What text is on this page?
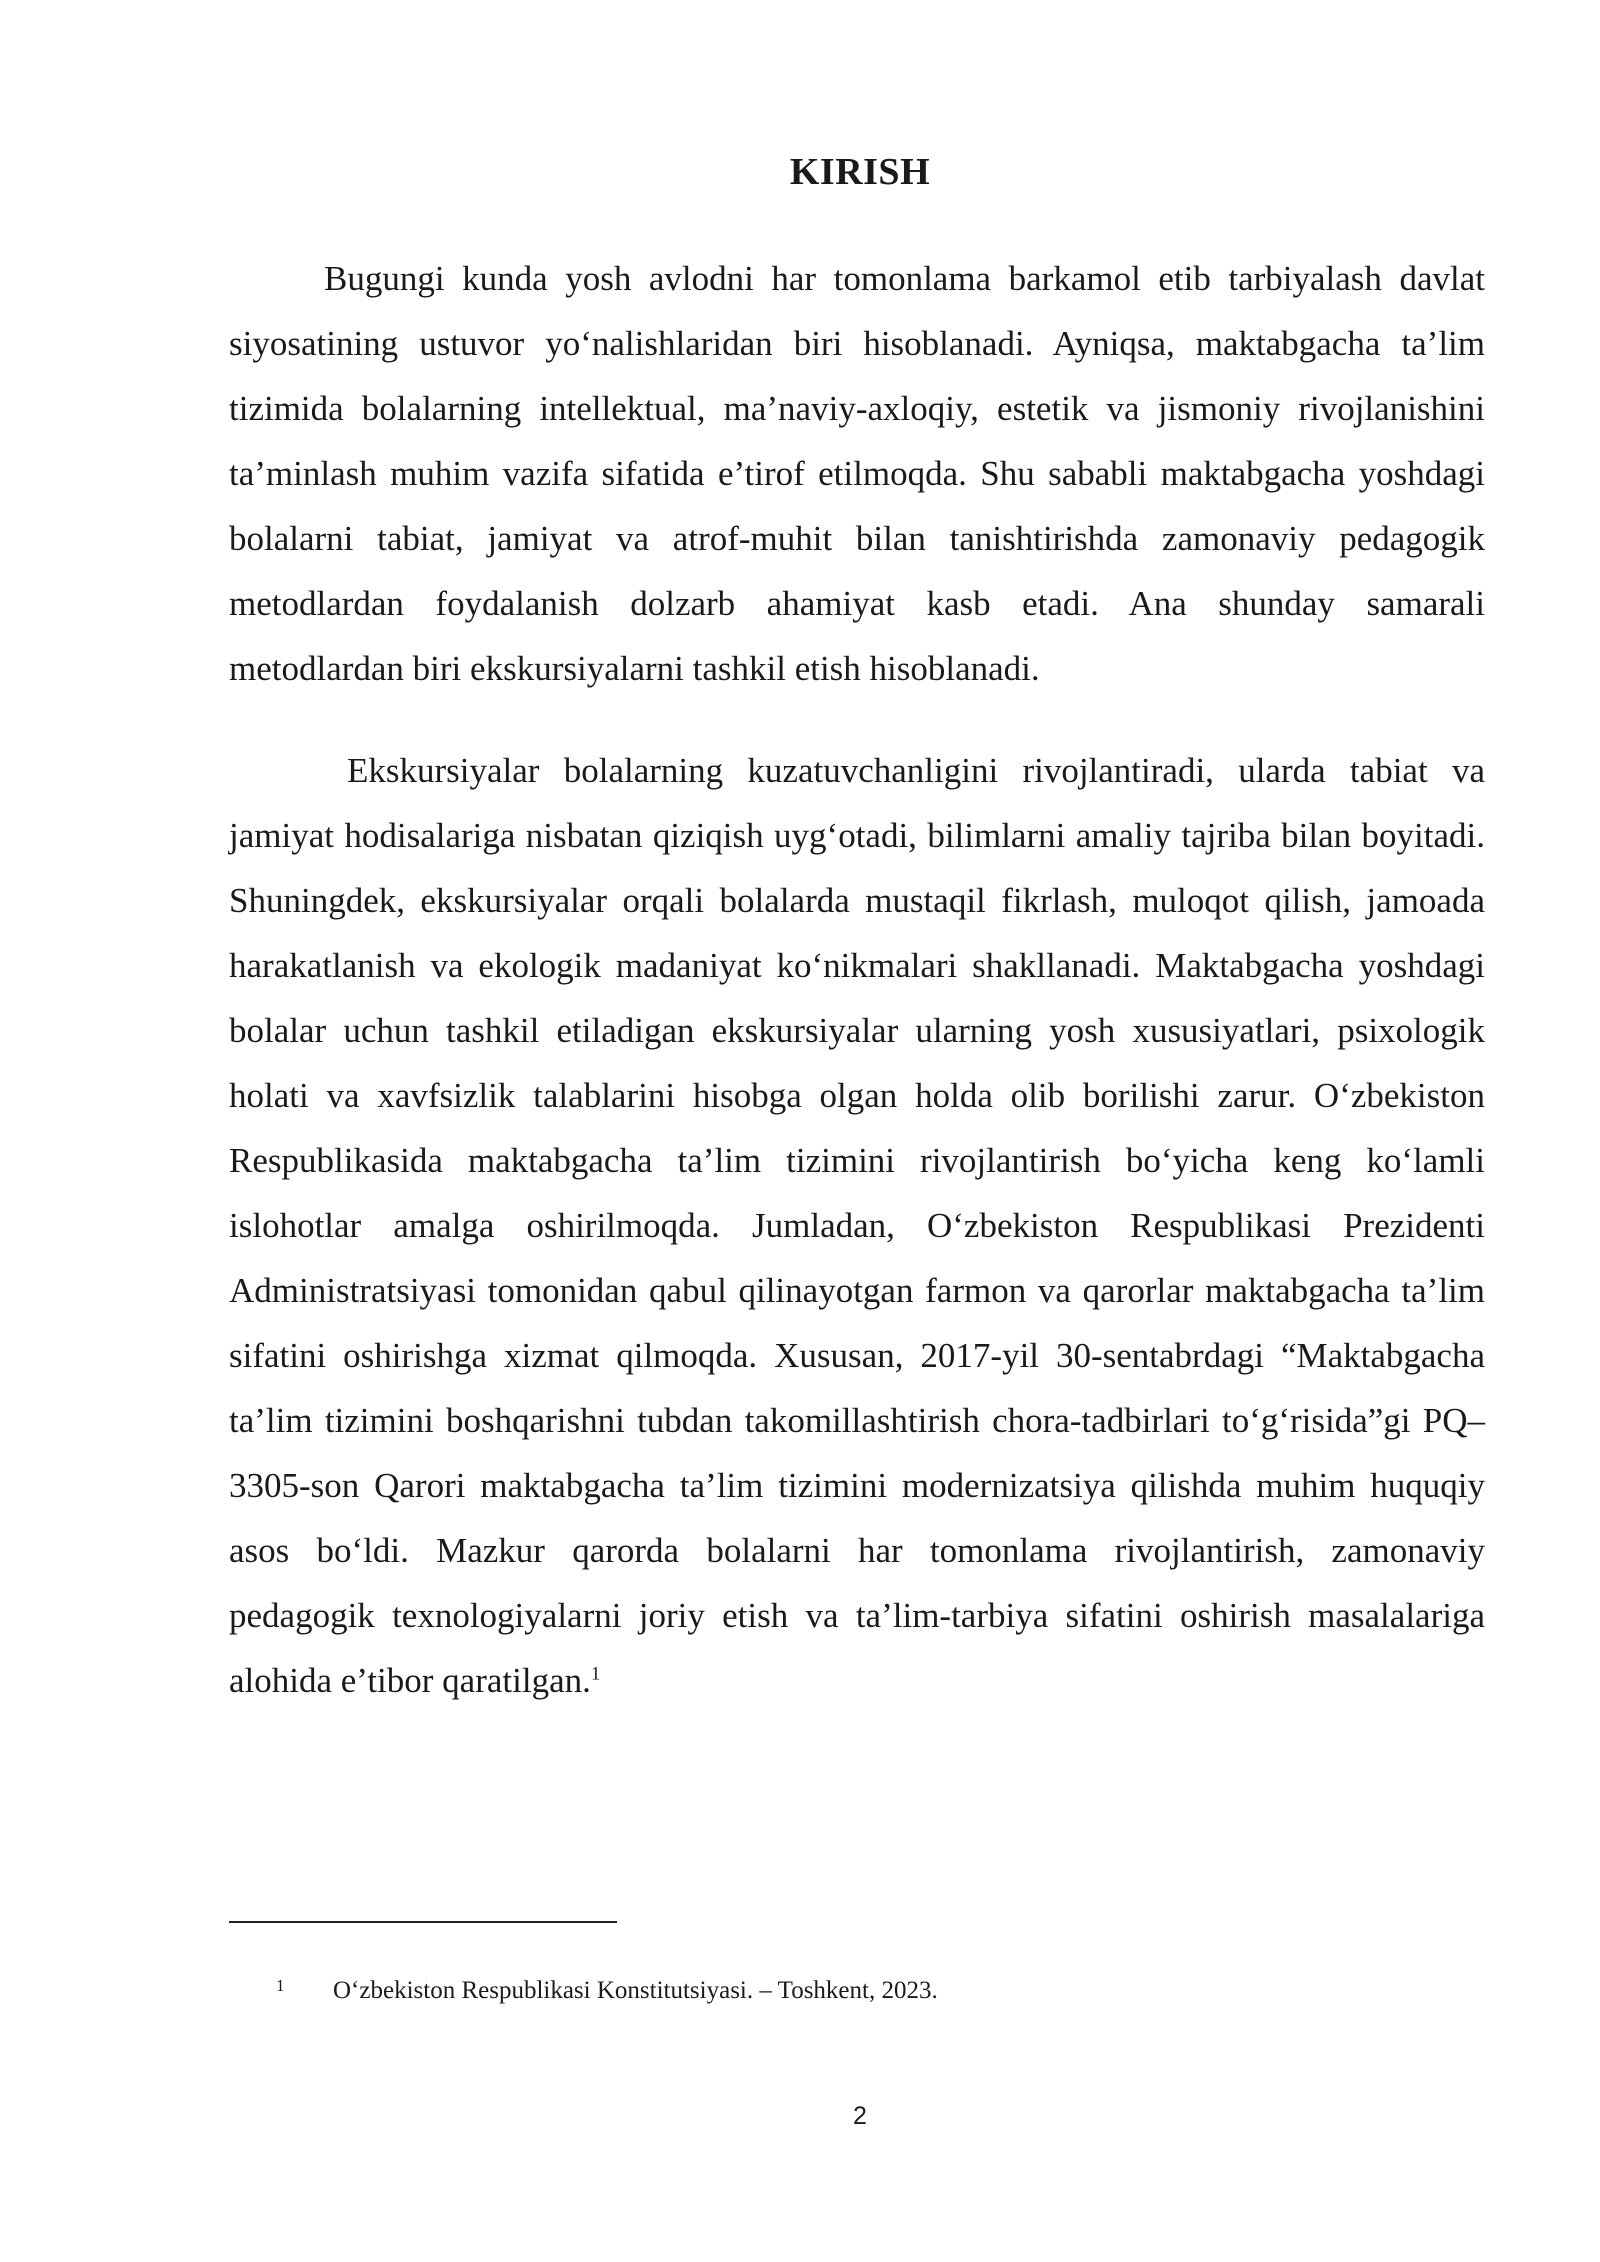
KIRISH

Bugungi kunda yosh avlodni har tomonlama barkamol etib tarbiyalash davlat siyosatining ustuvor yo‘nalishlaridan biri hisoblanadi. Ayniqsa, maktabgacha ta’lim tizimida bolalarning intellektual, ma’naviy-axloqiy, estetik va jismoniy rivojlanishini ta’minlash muhim vazifa sifatida e’tirof etilmoqda. Shu sababli maktabgacha yoshdagi bolalarni tabiat, jamiyat va atrof-muhit bilan tanishtirishda zamonaviy pedagogik metodlardan foydalanish dolzarb ahamiyat kasb etadi. Ana shunday samarali metodlardan biri ekskursiyalarni tashkil etish hisoblanadi.

Ekskursiyalar bolalarning kuzatuvchanligini rivojlantiradi, ularda tabiat va jamiyat hodisalariga nisbatan qiziqish uyg‘otadi, bilimlarni amaliy tajriba bilan boyitadi. Shuningdek, ekskursiyalar orqali bolalarda mustaqil fikrlash, muloqot qilish, jamoada harakatlanish va ekologik madaniyat ko‘nikmalari shakllanadi. Maktabgacha yoshdagi bolalar uchun tashkil etiladigan ekskursiyalar ularning yosh xususiyatlari, psixologik holati va xavfsizlik talablarini hisobga olgan holda olib borilishi zarur. O‘zbekiston Respublikasida maktabgacha ta’lim tizimini rivojlantirish bo‘yicha keng ko‘lamli islohotlar amalga oshirilmoqda. Jumladan, O‘zbekiston Respublikasi Prezidenti Administratsiyasi tomonidan qabul qilinayotgan farmon va qarorlar maktabgacha ta’lim sifatini oshirishga xizmat qilmoqda. Xususan, 2017-yil 30-sentabrdagi “Maktabgacha ta’lim tizimini boshqarishni tubdan takomillashtirish chora-tadbirlari to‘g‘risida”gi PQ–3305-son Qarori maktabgacha ta’lim tizimini modernizatsiya qilishda muhim huquqiy asos bo‘ldi. Mazkur qarorda bolalarni har tomonlama rivojlantirish, zamonaviy pedagogik texnologiyalarni joriy etish va ta’lim-tarbiya sifatini oshirish masalalariga alohida e’tibor qaratilgan.$^1$

1 O‘zbekiston Respublikasi Konstitutsiyasi. – Toshkent, 2023.

2
